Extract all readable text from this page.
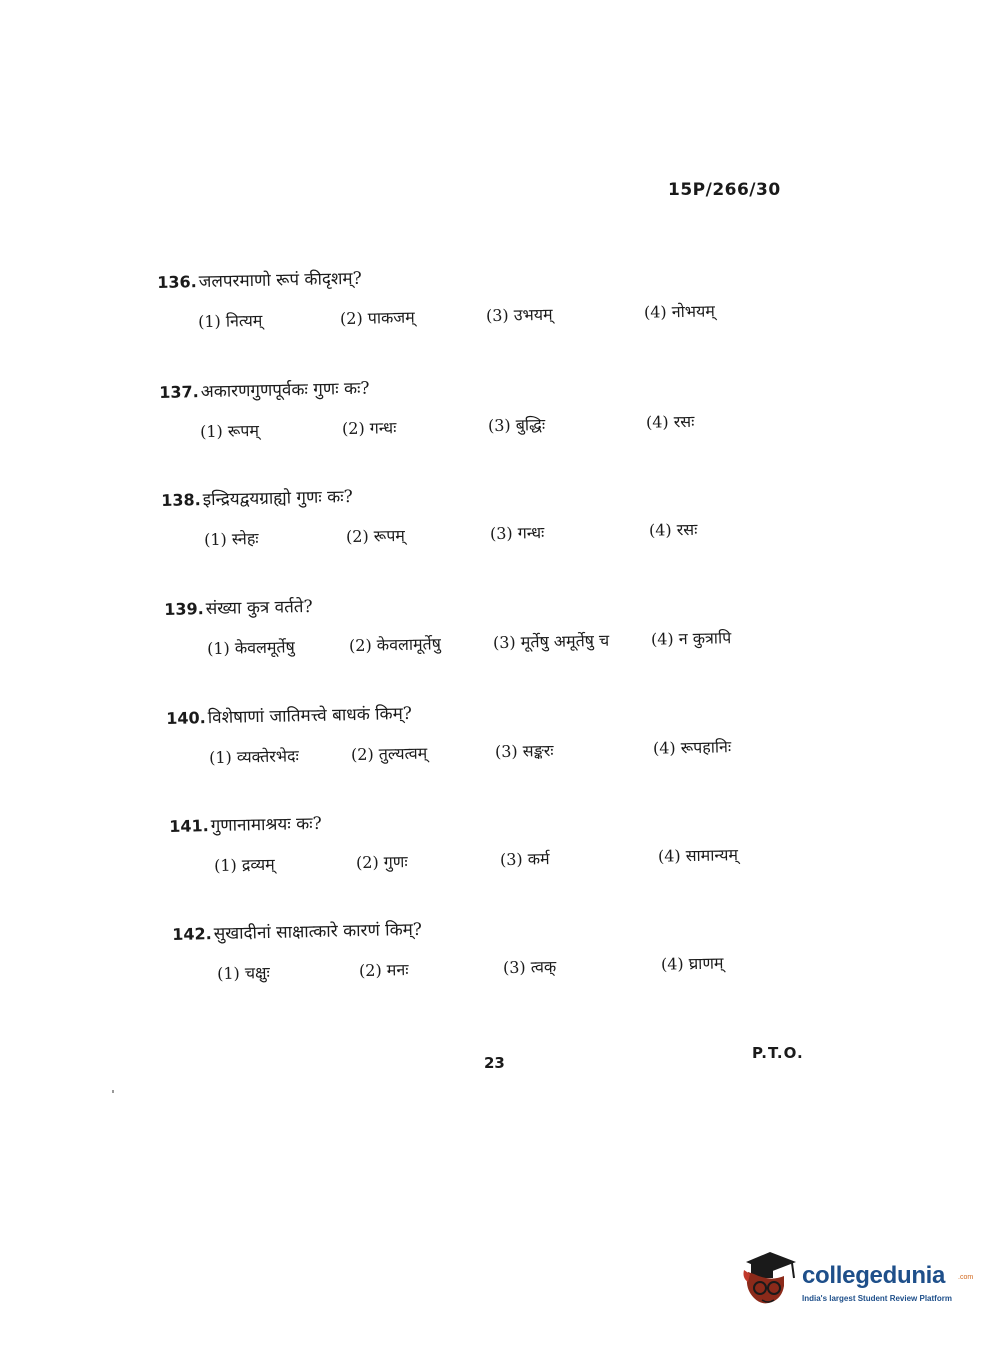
15P/266/30
136. जलपरमाणो रूपं कीदृशम्?
(1) नित्यम्	(2) पाकजम्	(3) उभयम्	(4) नोभयम्
137. अकारणगुणपूर्वकः गुणः कः?
(1) रूपम्	(2) गन्धः	(3) बुद्धिः	(4) रसः
138. इन्द्रियद्वयग्राह्यो गुणः कः?
(1) स्नेहः	(2) रूपम्	(3) गन्धः	(4) रसः
139. संख्या कुत्र वर्तते?
(1) केवलमूर्तेषु	(2) केवलामूर्तेषु	(3) मूर्तेषु अमूर्तेषु च	(4) न कुत्रापि
140. विशेषाणां जातिमत्त्वे बाधकं किम्?
(1) व्यक्तेरभेदः	(2) तुल्यत्वम्	(3) सङ्करः	(4) रूपहानिः
141. गुणानामाश्रयः कः?
(1) द्रव्यम्	(2) गुणः	(3) कर्म	(4) सामान्यम्
142. सुखादीनां साक्षात्कारे कारणं किम्?
(1) चक्षुः	(2) मनः	(3) त्वक्	(4) घ्राणम्
23
P.T.O.
collegedunia .com
India's largest Student Review Platform
